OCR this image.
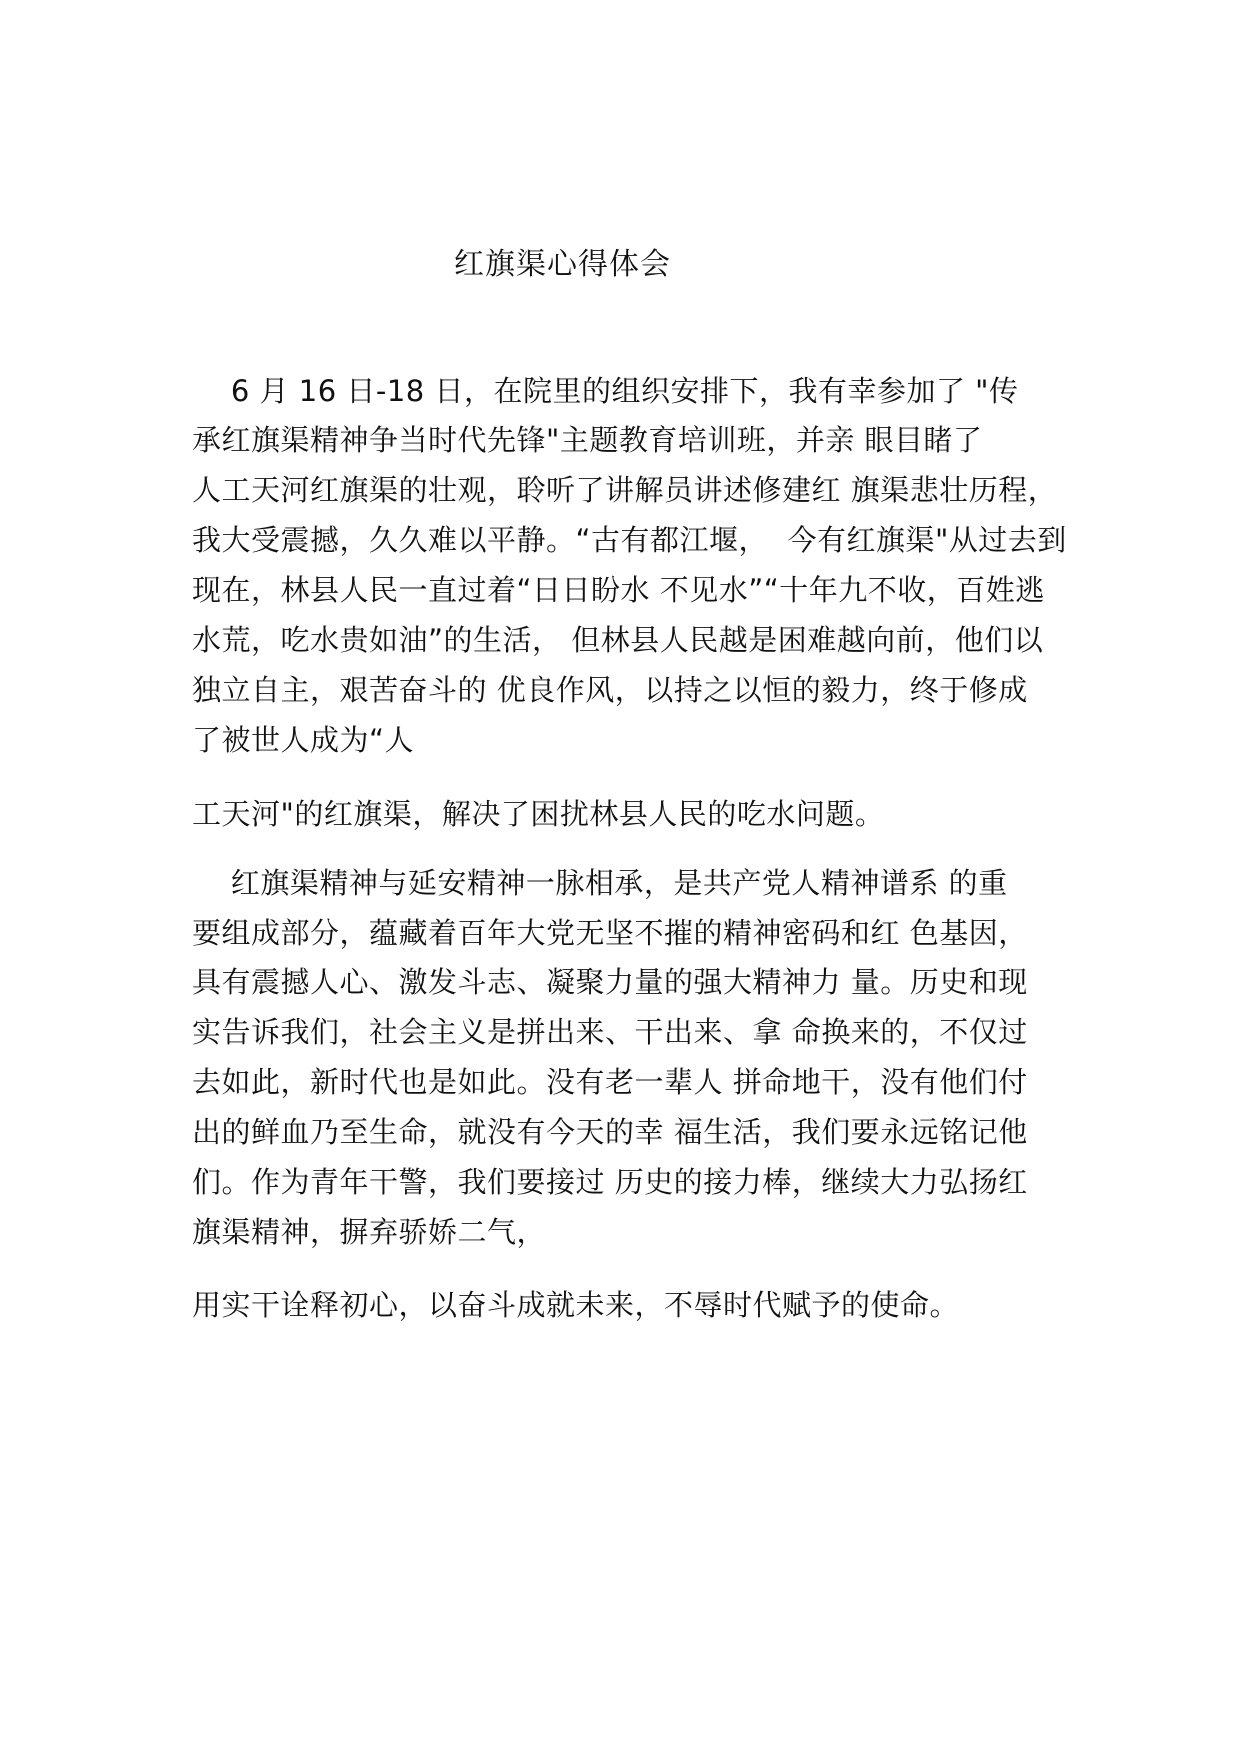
红旗渠心得体会
6 月 16 日-18 日，在院里的组织安排下，我有幸参加了 "传
承红旗渠精神争当时代先锋"主题教育培训班，并亲 眼目睹了
人工天河红旗渠的壮观，聆听了讲解员讲述修建红 旗渠悲壮历程，
我大受震撼，久久难以平静。“古有都江堰，  今有红旗渠"从过去到
现在，林县人民一直过着“日日盼水 不见水”“十年九不收，百姓逃
水荒，吃水贵如油”的生活， 但林县人民越是困难越向前，他们以
独立自主，艰苦奋斗的 优良作风，以持之以恒的毅力，终于修成
了被世人成为“人
工天河"的红旗渠，解决了困扰林县人民的吃水问题。
红旗渠精神与延安精神一脉相承，是共产党人精神谱系 的重
要组成部分，蕴藏着百年大党无坚不摧的精神密码和红 色基因，
具有震撼人心、激发斗志、凝聚力量的强大精神力 量。历史和现
实告诉我们，社会主义是拼出来、干出来、拿 命换来的，不仅过
去如此，新时代也是如此。没有老一辈人 拼命地干，没有他们付
出的鲜血乃至生命，就没有今天的幸 福生活，我们要永远铭记他
们。作为青年干警，我们要接过 历史的接力棒，继续大力弘扬红
旗渠精神，摒弃骄娇二气，
用实干诠释初心，以奋斗成就未来，不辱时代赋予的使命。
